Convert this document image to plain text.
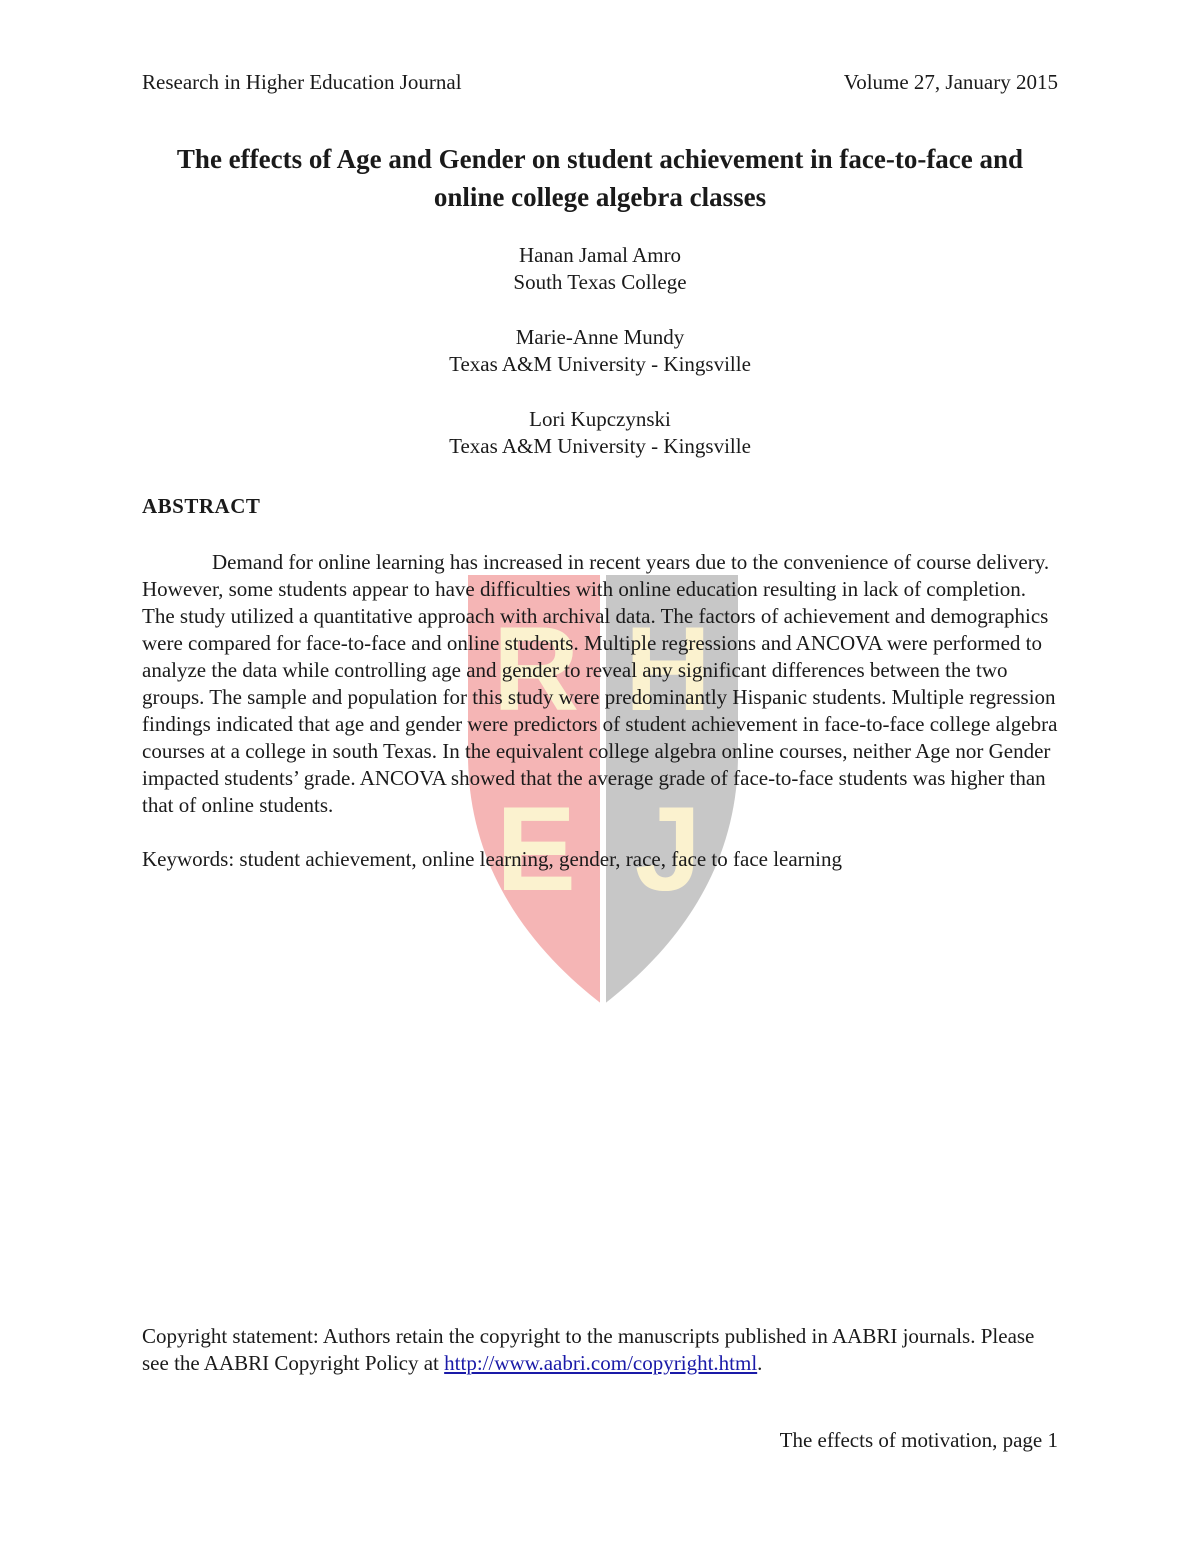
Research in Higher Education Journal	Volume 27, January 2015
R H
E J
The effects of Age and Gender on student achievement in face-to-face and online college algebra classes
Hanan Jamal Amro
South Texas College
Marie-Anne Mundy
Texas A&M University - Kingsville
Lori Kupczynski
Texas A&M University - Kingsville
ABSTRACT

Demand for online learning has increased in recent years due to the convenience of course delivery. However, some students appear to have difficulties with online education resulting in lack of completion. The study utilized a quantitative approach with archival data. The factors of achievement and demographics were compared for face-to-face and online students. Multiple regressions and ANCOVA were performed to analyze the data while controlling age and gender to reveal any significant differences between the two groups. The sample and population for this study were predominantly Hispanic students. Multiple regression findings indicated that age and gender were predictors of student achievement in face-to-face college algebra courses at a college in south Texas. In the equivalent college algebra online courses, neither Age nor Gender impacted students’ grade. ANCOVA showed that the average grade of face-to-face students was higher than that of online students.

Keywords: student achievement, online learning, gender, race, face to face learning
Copyright statement: Authors retain the copyright to the manuscripts published in AABRI journals. Please see the AABRI Copyright Policy at http://www.aabri.com/copyright.html.
The effects of motivation, page 1
